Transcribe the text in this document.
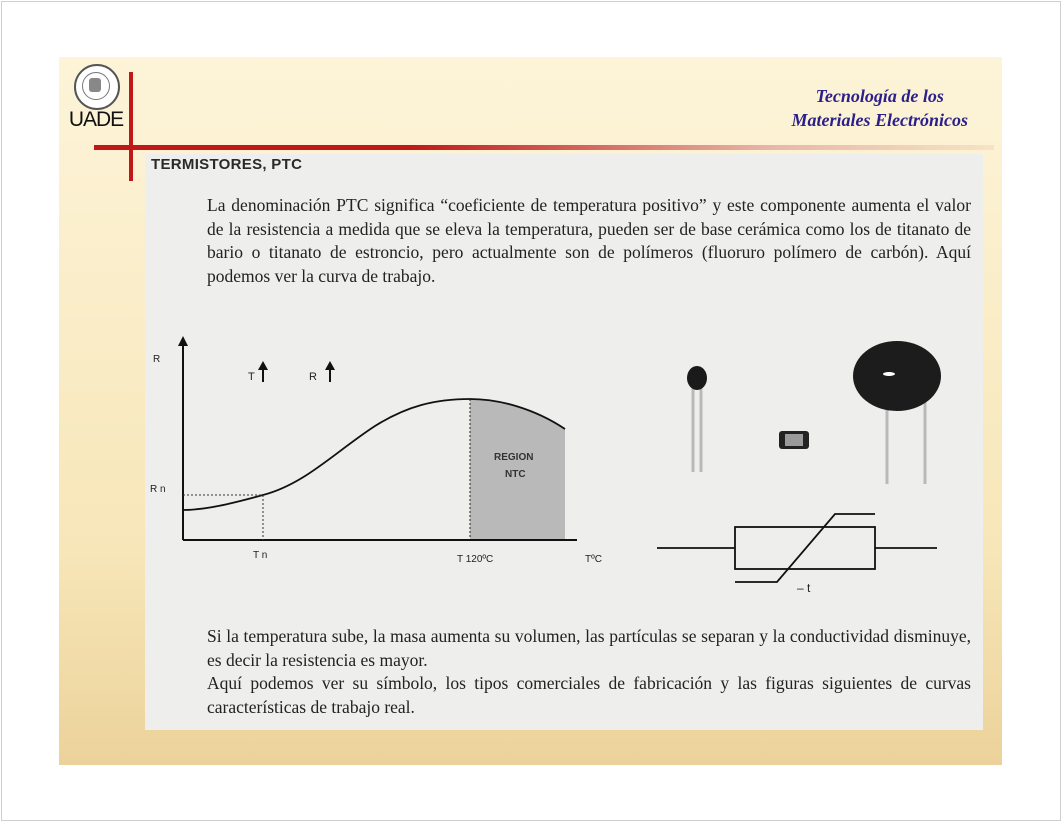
UADE
Tecnología de los
Materiales Electrónicos
TERMISTORES, PTC
La denominación PTC significa “coeficiente de temperatura positivo” y este componente aumenta el valor de la resistencia a medida que se eleva la temperatura, pueden ser de base cerámica como los de titanato de bario o titanato de estroncio, pero actualmente son de polímeros (fluoruro polímero de carbón). Aquí podemos ver la curva de trabajo.
R
T	R
R n
T n	T 120ºC	TºC
REGION
NTC
– t
Si la temperatura sube, la masa aumenta su volumen, las partículas se separan y la conductividad disminuye, es decir la resistencia es mayor.
Aquí podemos ver su símbolo, los tipos comerciales de fabricación y las figuras siguientes de curvas características de trabajo real.
